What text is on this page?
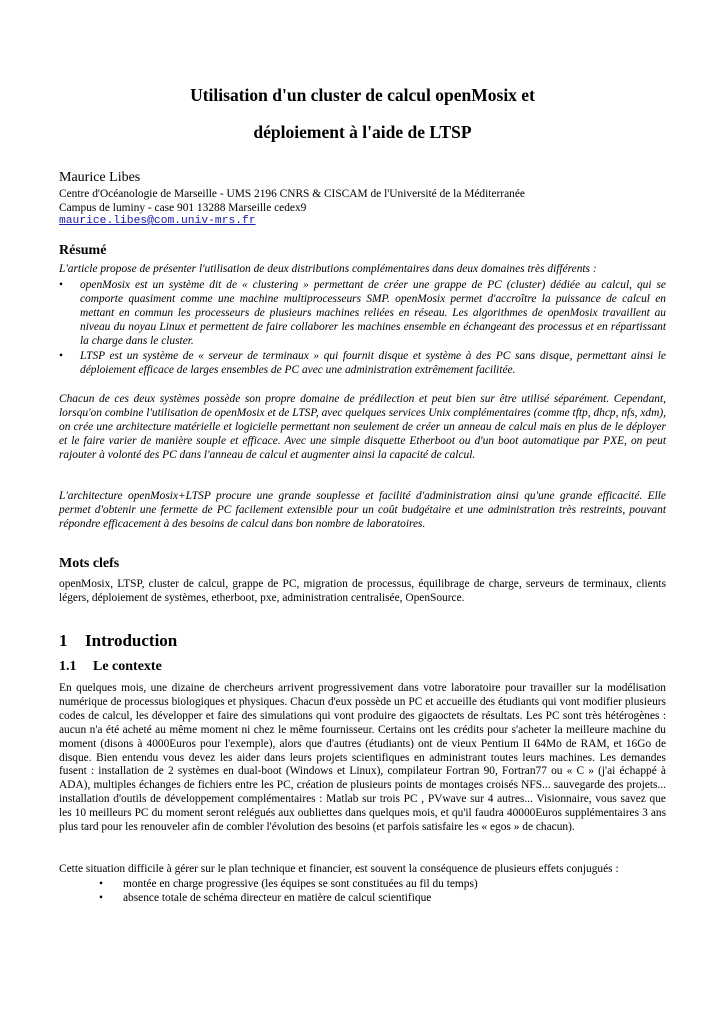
Utilisation d'un cluster de calcul openMosix et
déploiement à l'aide de LTSP
Maurice Libes
Centre d'Océanologie de Marseille - UMS 2196 CNRS & CISCAM de l'Université de la Méditerranée
Campus de luminy - case 901 13288 Marseille cedex9
maurice.libes@com.univ-mrs.fr
Résumé
L'article propose de présenter l'utilisation de deux distributions complémentaires dans deux domaines très différents :
• openMosix est un système dit de « clustering » permettant de créer une grappe de PC (cluster) dédiée au calcul, qui se comporte quasiment comme une machine multiprocesseurs SMP. openMosix permet d'accroître la puissance de calcul en mettant en commun les processeurs de plusieurs machines reliées en réseau. Les algorithmes de openMosix travaillent au niveau du noyau Linux et permettent de faire collaborer les machines ensemble en échangeant des processus et en répartissant la charge dans le cluster.
• LTSP est un système de « serveur de terminaux » qui fournit disque et système à des PC sans disque, permettant ainsi le déploiement efficace de larges ensembles de PC avec une administration extrêmement facilitée.
Chacun de ces deux systèmes possède son propre domaine de prédilection et peut bien sur être utilisé séparément. Cependant, lorsqu'on combine l'utilisation de openMosix et de LTSP, avec quelques services Unix complémentaires (comme tftp, dhcp, nfs, xdm), on crée une architecture matérielle et logicielle permettant non seulement de créer un anneau de calcul mais en plus de le déployer et le faire varier de manière souple et efficace. Avec une simple disquette Etherboot ou d'un boot automatique par PXE, on peut rajouter à volonté des PC dans l'anneau de calcul et augmenter ainsi la capacité de calcul.
L'architecture openMosix+LTSP procure une grande souplesse et facilité d'administration ainsi qu'une grande efficacité. Elle permet d'obtenir une fermette de PC facilement extensible pour un coût budgétaire et une administration très restreints, pouvant répondre efficacement à des besoins de calcul dans bon nombre de laboratoires.
Mots clefs
openMosix, LTSP, cluster de calcul, grappe de PC, migration de processus, équilibrage de charge, serveurs de terminaux, clients légers, déploiement de systèmes, etherboot, pxe, administration centralisée, OpenSource.
1 Introduction
1.1 Le contexte
En quelques mois, une dizaine de chercheurs arrivent progressivement dans votre laboratoire pour travailler sur la modélisation numérique de processus biologiques et physiques. Chacun d'eux possède un PC et accueille des étudiants qui vont modifier plusieurs codes de calcul, les développer et faire des simulations qui vont produire des gigaoctets de résultats. Les PC sont très hétérogènes : aucun n'a été acheté au même moment ni chez le même fournisseur. Certains ont les crédits pour s'acheter la meilleure machine du moment (disons à 4000Euros pour l'exemple), alors que d'autres (étudiants) ont de vieux Pentium II 64Mo de RAM, et 16Go de disque. Bien entendu vous devez les aider dans leurs projets scientifiques en administrant toutes leurs machines. Les demandes fusent : installation de 2 systèmes en dual-boot (Windows et Linux), compilateur Fortran 90, Fortran77 ou « C » (j'ai échappé à ADA), multiples échanges de fichiers entre les PC, création de plusieurs points de montages croisés NFS... sauvegarde des projets... installation d'outils de développement complémentaires : Matlab sur trois PC , PVwave sur 4 autres... Visionnaire, vous savez que les 10 meilleurs PC du moment seront relégués aux oubliettes dans quelques mois, et qu'il faudra 40000Euros supplémentaires 3 ans plus tard pour les renouveler afin de combler l'évolution des besoins (et parfois satisfaire les « egos » de chacun).
Cette situation difficile à gérer sur le plan technique et financier, est souvent la conséquence de plusieurs effets conjugués :
• montée en charge progressive (les équipes se sont constituées au fil du temps)
• absence totale de schéma directeur en matière de calcul scientifique
